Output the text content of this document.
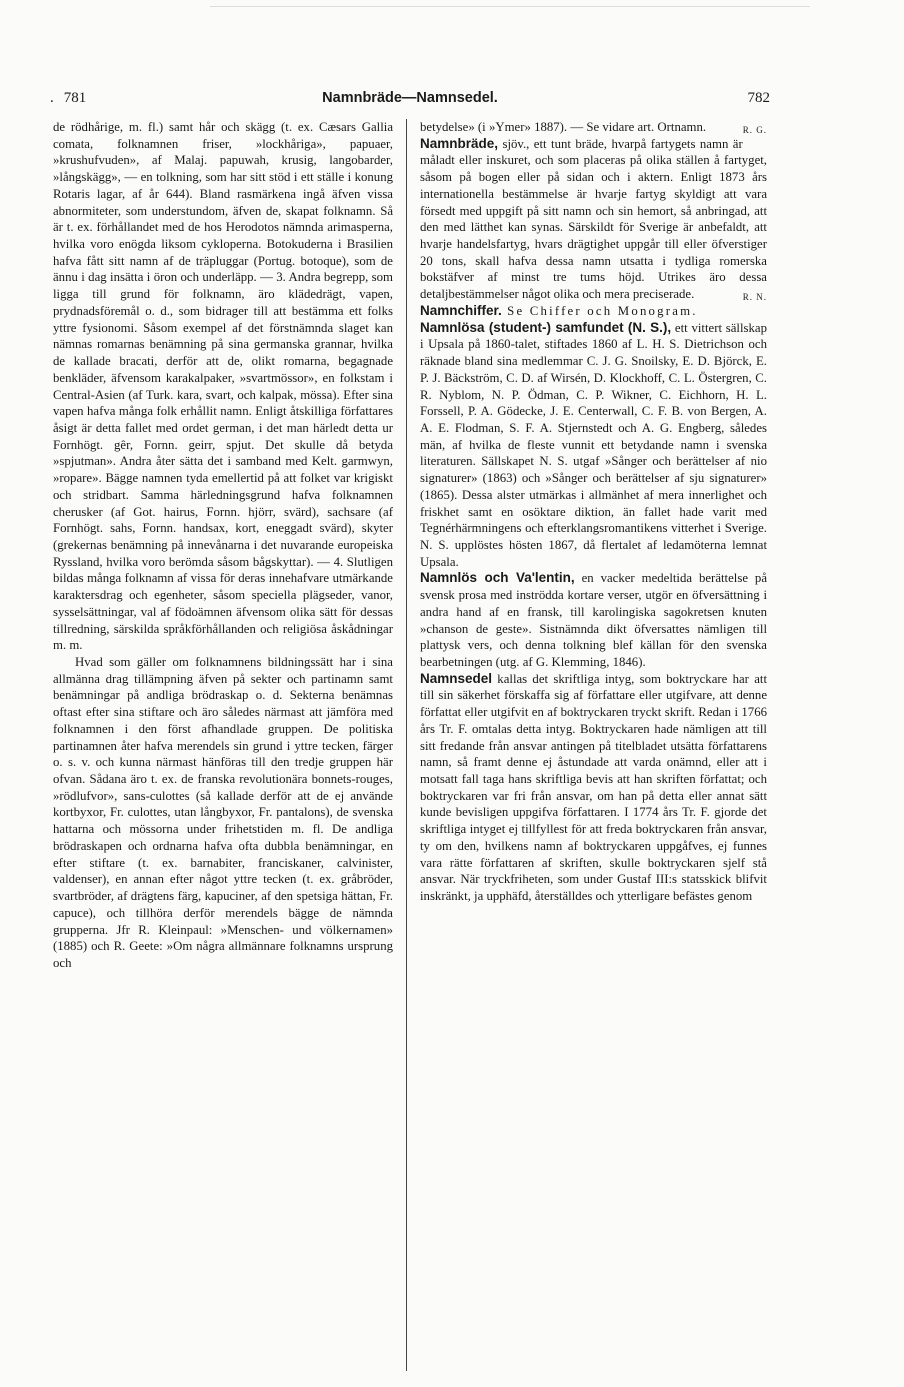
. 781	Namnbräde—Namnsedel.	782

de rödhårige, m. fl.) samt hår och skägg (t. ex. Cæsars Gallia comata, folknamnen friser, »lockhåriga», papuaer, »krushufvuden», af Malaj. papuwah, krusig, langobarder, »långskägg», — en tolkning, som har sitt stöd i ett ställe i konung Rotaris lagar, af år 644). Bland rasmärkena ingå äfven vissa abnormiteter, som understundom, äfven de, skapat folknamn. Så är t. ex. förhållandet med de hos Herodotos nämnda arimasperna, hvilka voro enögda liksom cykloperna. Botokuderna i Brasilien hafva fått sitt namn af de träpluggar (Portug. botoque), som de ännu i dag insätta i öron och underläpp. — 3. Andra begrepp, som ligga till grund för folknamn, äro klädedrägt, vapen, prydnadsföremål o. d., som bidrager till att bestämma ett folks yttre fysionomi. Såsom exempel af det förstnämnda slaget kan nämnas romarnas benämning på sina germanska grannar, hvilka de kallade bracati, derför att de, olikt romarna, begagnade benkläder, äfvensom karakalpaker, »svartmössor», en folkstam i Central-Asien (af Turk. kara, svart, och kalpak, mössa). Efter sina vapen hafva många folk erhållit namn. Enligt åtskilliga författares åsigt är detta fallet med ordet german, i det man härledt detta ur Fornhögt. gêr, Fornn. geirr, spjut. Det skulle då betyda »spjutman». Andra åter sätta det i samband med Kelt. garmwyn, »ropare». Bägge namnen tyda emellertid på att folket var krigiskt och stridbart. Samma härledningsgrund hafva folknamnen cherusker (af Got. hairus, Fornn. hjörr, svärd), sachsare (af Fornhögt. sahs, Fornn. handsax, kort, eneggadt svärd), skyter (grekernas benämning på innevånarna i det nuvarande europeiska Ryssland, hvilka voro berömda såsom bågskyttar). — 4. Slutligen bildas många folknamn af vissa för deras innehafvare utmärkande karaktersdrag och egenheter, såsom speciella plägseder, vanor, sysselsättningar, val af födoämnen äfvensom olika sätt för dessas tillredning, särskilda språkförhållanden och religiösa åskådningar m. m.

Hvad som gäller om folknamnens bildningssätt har i sina allmänna drag tillämpning äfven på sekter och partinamn samt benämningar på andliga brödraskap o. d. Sekterna benämnas oftast efter sina stiftare och äro således närmast att jämföra med folknamnen i den först afhandlade gruppen. De politiska partinamnen åter hafva merendels sin grund i yttre tecken, färger o. s. v. och kunna närmast hänföras till den tredje gruppen här ofvan. Sådana äro t. ex. de franska revolutionära bonnets-rouges, »rödlufvor», sans-culottes (så kallade derför att de ej använde kortbyxor, Fr. culottes, utan långbyxor, Fr. pantalons), de svenska hattarna och mössorna under frihetstiden m. fl. De andliga brödraskapen och ordnarna hafva ofta dubbla benämningar, en efter stiftare (t. ex. barnabiter, franciskaner, calvinister, valdenser), en annan efter något yttre tecken (t. ex. gråbröder, svartbröder, af drägtens färg, kapuciner, af den spetsiga hättan, Fr. capuce), och tillhöra derför merendels bägge de nämnda grupperna. Jfr R. Kleinpaul: »Menschen- und völkernamen» (1885) och R. Geete: »Om några allmännare folknamns ursprung och

betydelse» (i »Ymer» 1887). — Se vidare art. Ortnamn.	R. G.

Namnbräde, sjöv., ett tunt bräde, hvarpå fartygets namn är måladt eller inskuret, och som placeras på olika ställen å fartyget, såsom på bogen eller på sidan och i aktern. Enligt 1873 års internationella bestämmelse är hvarje fartyg skyldigt att vara försedt med uppgift på sitt namn och sin hemort, så anbringad, att den med lätthet kan synas. Särskildt för Sverige är anbefaldt, att hvarje handelsfartyg, hvars drägtighet uppgår till eller öfverstiger 20 tons, skall hafva dessa namn utsatta i tydliga romerska bokstäfver af minst tre tums höjd. Utrikes äro dessa detaljbestämmelser något olika och mera preciserade.	R. N.

Namnchiffer. Se Chiffer och Monogram.

Namnlösa (student-) samfundet (N. S.), ett vittert sällskap i Upsala på 1860-talet, stiftades 1860 af L. H. S. Dietrichson och räknade bland sina medlemmar C. J. G. Snoilsky, E. D. Björck, E. P. J. Bäckström, C. D. af Wirsén, D. Klockhoff, C. L. Östergren, C. R. Nyblom, N. P. Ödman, C. P. Wikner, C. Eichhorn, H. L. Forssell, P. A. Gödecke, J. E. Centerwall, C. F. B. von Bergen, A. A. E. Flodman, S. F. A. Stjernstedt och A. G. Engberg, således män, af hvilka de fleste vunnit ett betydande namn i svenska literaturen. Sällskapet N. S. utgaf »Sånger och berättelser af nio signaturer» (1863) och »Sånger och berättelser af sju signaturer» (1865). Dessa alster utmärkas i allmänhet af mera innerlighet och friskhet samt en osöktare diktion, än fallet hade varit med Tegnérhärmningens och efterklangsromantikens vitterhet i Sverige. N. S. upplöstes hösten 1867, då flertalet af ledamöterna lemnat Upsala.

Namnlös och Va'lentin, en vacker medeltida berättelse på svensk prosa med inströdda kortare verser, utgör en öfversättning i andra hand af en fransk, till karolingiska sagokretsen knuten »chanson de geste». Sistnämnda dikt öfversattes nämligen till plattysk vers, och denna tolkning blef källan för den svenska bearbetningen (utg. af G. Klemming, 1846).

Namnsedel kallas det skriftliga intyg, som boktryckare har att till sin säkerhet förskaffa sig af författare eller utgifvare, att denne författat eller utgifvit en af boktryckaren tryckt skrift. Redan i 1766 års Tr. F. omtalas detta intyg. Boktryckaren hade nämligen att till sitt fredande från ansvar antingen på titelbladet utsätta författarens namn, så framt denne ej åstundade att varda onämnd, eller att i motsatt fall taga hans skriftliga bevis att han skriften författat; och boktryckaren var fri från ansvar, om han på detta eller annat sätt kunde bevisligen uppgifva författaren. I 1774 års Tr. F. gjorde det skriftliga intyget ej tillfyllest för att freda boktryckaren från ansvar, ty om den, hvilkens namn af boktryckaren uppgåfves, ej funnes vara rätte författaren af skriften, skulle boktryckaren sjelf stå ansvar. När tryckfriheten, som under Gustaf III:s statsskick blifvit inskränkt, ja upphäfd, återställdes och ytterligare befästes genom
